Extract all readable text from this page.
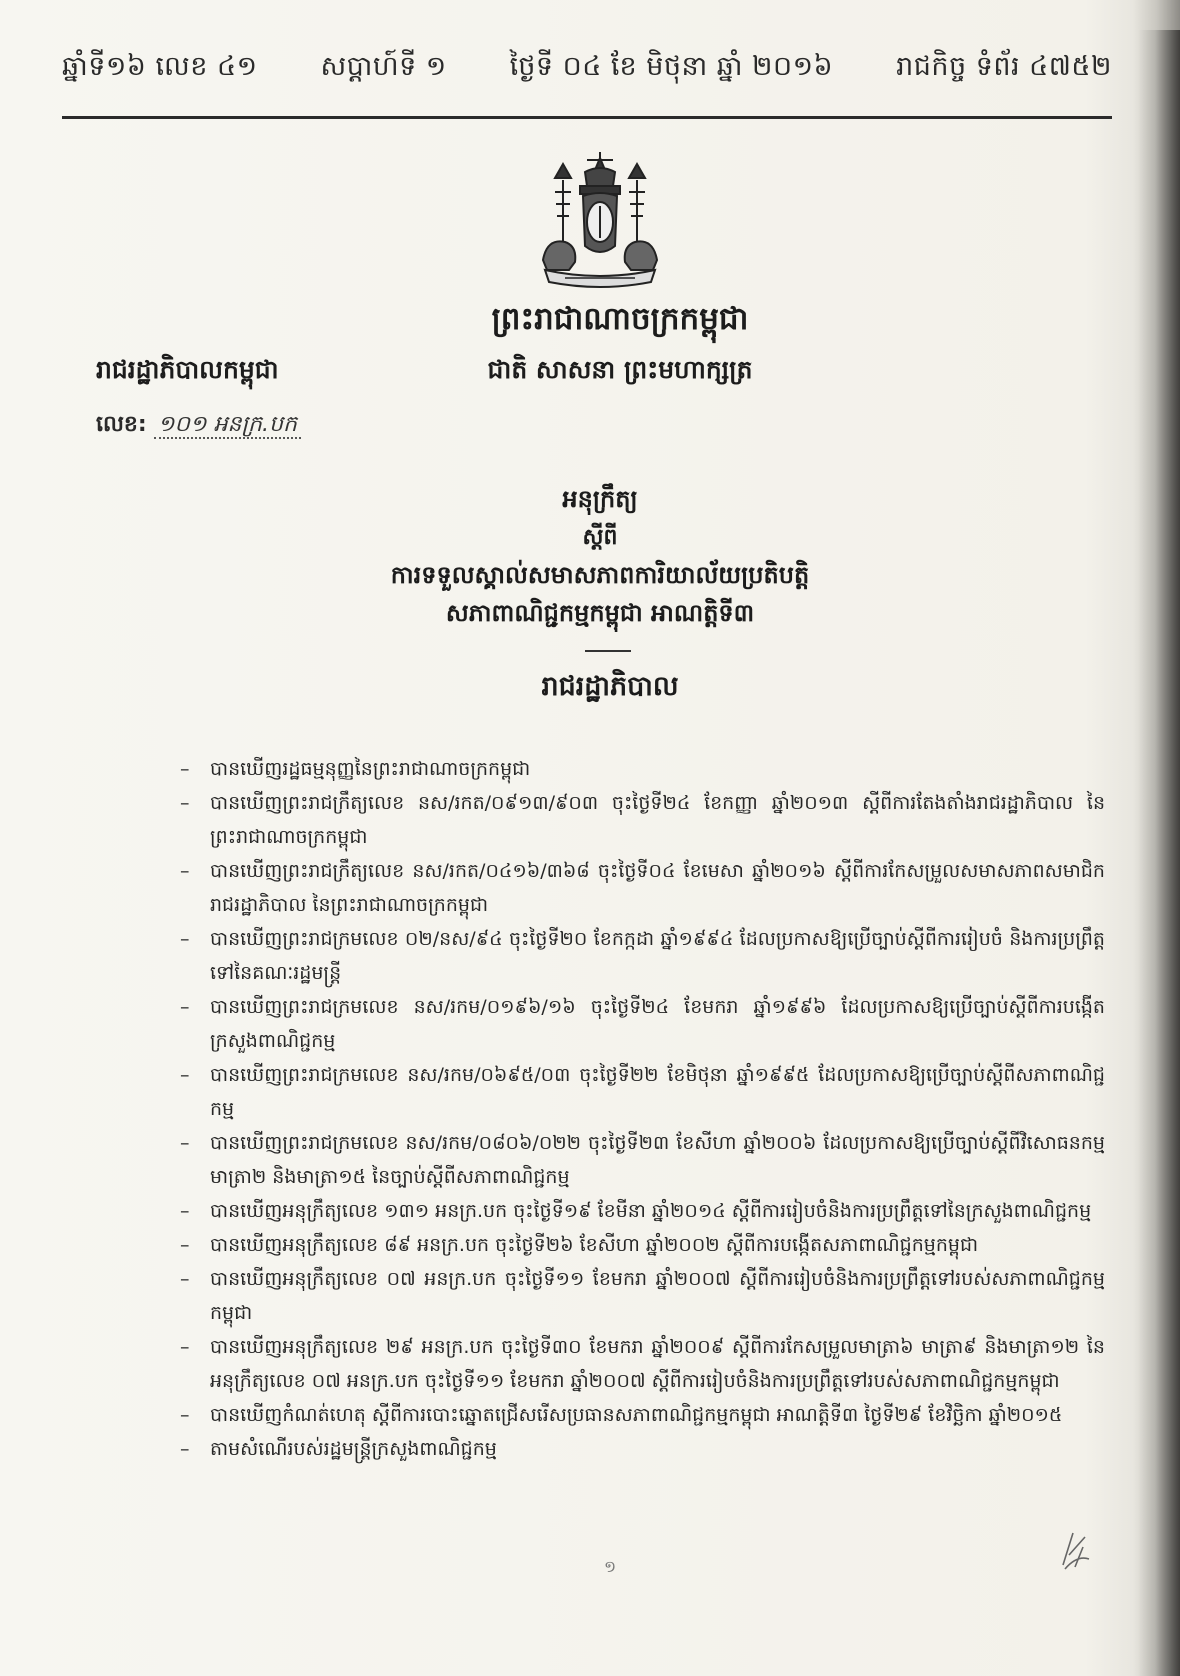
ឆ្នាំទី១៦ លេខ ៤១ សប្តាហ៍ទី ១ ថ្ងៃទី ០៤ ខែ មិថុនា ឆ្នាំ ២០១៦ រាជកិច្ច ទំព័រ ៤៧៥២
ព្រះរាជាណាចក្រកម្ពុជា
រាជរដ្ឋាភិបាលកម្ពុជា	ជាតិ សាសនា ព្រះមហាក្សត្រ
លេខ: ១០១ អនក្រ.បក
អនុក្រឹត្យ
ស្តីពី
ការទទួលស្គាល់សមាសភាពការិយាល័យប្រតិបត្តិ
សភាពាណិជ្ជកម្មកម្ពុជា អាណត្តិទី៣
រាជរដ្ឋាភិបាល
–	បានឃើញរដ្ឋធម្មនុញ្ញនៃព្រះរាជាណាចក្រកម្ពុជា
–	បានឃើញព្រះរាជក្រឹត្យលេខ នស/រកត/០៩១៣/៩០៣ ចុះថ្ងៃទី២៤ ខែកញ្ញា ឆ្នាំ២០១៣ ស្តីពីការតែងតាំងរាជរដ្ឋាភិបាល នៃព្រះរាជាណាចក្រកម្ពុជា
–	បានឃើញព្រះរាជក្រឹត្យលេខ នស/រកត/០៤១៦/៣៦៨ ចុះថ្ងៃទី០៤ ខែមេសា ឆ្នាំ២០១៦ ស្តីពីការកែសម្រួលសមាសភាពសមាជិករាជរដ្ឋាភិបាល នៃព្រះរាជាណាចក្រកម្ពុជា
–	បានឃើញព្រះរាជក្រមលេខ ០២/នស/៩៤ ចុះថ្ងៃទី២០ ខែកក្កដា ឆ្នាំ១៩៩៤ ដែលប្រកាសឱ្យប្រើច្បាប់ស្តីពីការរៀបចំ និងការប្រព្រឹត្តទៅនៃគណៈរដ្ឋមន្ត្រី
–	បានឃើញព្រះរាជក្រមលេខ នស/រកម/០១៩៦/១៦ ចុះថ្ងៃទី២៤ ខែមករា ឆ្នាំ១៩៩៦ ដែលប្រកាសឱ្យប្រើច្បាប់ស្តីពីការបង្កើតក្រសួងពាណិជ្ជកម្ម
–	បានឃើញព្រះរាជក្រមលេខ នស/រកម/០៦៩៥/០៣ ចុះថ្ងៃទី២២ ខែមិថុនា ឆ្នាំ១៩៩៥ ដែលប្រកាសឱ្យប្រើច្បាប់ស្តីពីសភាពាណិជ្ជកម្ម
–	បានឃើញព្រះរាជក្រមលេខ នស/រកម/០៨០៦/០២២ ចុះថ្ងៃទី២៣ ខែសីហា ឆ្នាំ២០០៦ ដែលប្រកាសឱ្យប្រើច្បាប់ស្តីពីវិសោធនកម្ម មាត្រា២ និងមាត្រា១៥ នៃច្បាប់ស្តីពីសភាពាណិជ្ជកម្ម
–	បានឃើញអនុក្រឹត្យលេខ ១៣១ អនក្រ.បក ចុះថ្ងៃទី១៩ ខែមីនា ឆ្នាំ២០១៤ ស្តីពីការរៀបចំនិងការប្រព្រឹត្តទៅនៃក្រសួងពាណិជ្ជកម្ម
–	បានឃើញអនុក្រឹត្យលេខ ៨៩ អនក្រ.បក ចុះថ្ងៃទី២៦ ខែសីហា ឆ្នាំ២០០២ ស្តីពីការបង្កើតសភាពាណិជ្ជកម្មកម្ពុជា
–	បានឃើញអនុក្រឹត្យលេខ ០៧ អនក្រ.បក ចុះថ្ងៃទី១១ ខែមករា ឆ្នាំ២០០៧ ស្តីពីការរៀបចំនិងការប្រព្រឹត្តទៅរបស់សភាពាណិជ្ជកម្មកម្ពុជា
–	បានឃើញអនុក្រឹត្យលេខ ២៩ អនក្រ.បក ចុះថ្ងៃទី៣០ ខែមករា ឆ្នាំ២០០៩ ស្តីពីការកែសម្រួលមាត្រា៦ មាត្រា៩ និងមាត្រា១២ នៃអនុក្រឹត្យលេខ ០៧ អនក្រ.បក ចុះថ្ងៃទី១១ ខែមករា ឆ្នាំ២០០៧ ស្តីពីការរៀបចំនិងការប្រព្រឹត្តទៅរបស់សភាពាណិជ្ជកម្មកម្ពុជា
–	បានឃើញកំណត់ហេតុ ស្តីពីការបោះឆ្នោតជ្រើសរើសប្រធានសភាពាណិជ្ជកម្មកម្ពុជា អាណត្តិទី៣ ថ្ងៃទី២៩ ខែវិច្ឆិកា ឆ្នាំ២០១៥
–	តាមសំណើរបស់រដ្ឋមន្ត្រីក្រសួងពាណិជ្ជកម្ម
១
